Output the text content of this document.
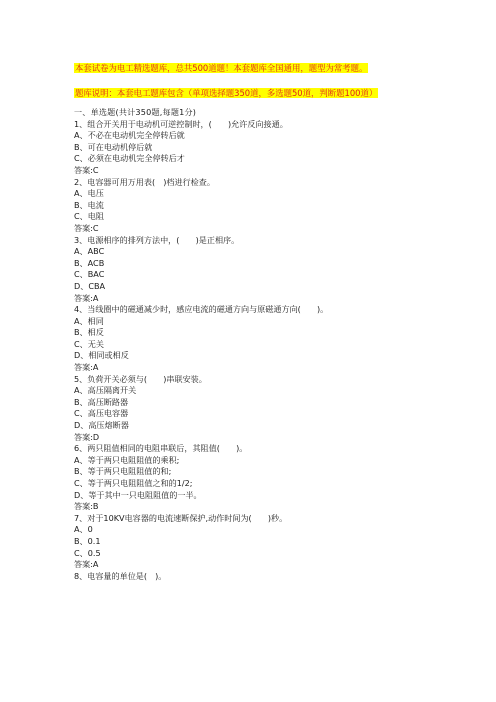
本套试卷为电工精选题库，总共500道题！本套题库全国通用，题型为常考题。
题库说明：本套电工题库包含（单项选择题350道，多选题50道，判断题100道）
一、单选题(共计350题,每题1分)
1、组合开关用于电动机可逆控制时，(　　)允许反向接通。
A、不必在电动机完全停转后就
B、可在电动机停后就
C、必须在电动机完全停转后才
答案:C
2、电容器可用万用表(　)档进行检查。
A、电压
B、电流
C、电阻
答案:C
3、电源相序的排列方法中，(　　)是正相序。
A、ABC
B、ACB
C、BAC
D、CBA
答案:A
4、当线圈中的磁通减少时，感应电流的磁通方向与原磁通方向(　　)。
A、相同
B、相反
C、无关
D、相同或相反
答案:A
5、负荷开关必须与(　　)串联安装。
A、高压隔离开关
B、高压断路器
C、高压电容器
D、高压熔断器
答案:D
6、两只阻值相同的电阻串联后，其阻值(　　)。
A、等于两只电阻阻值的乘积;
B、等于两只电阻阻值的和;
C、等于两只电阻阻值之和的1/2;
D、等于其中一只电阻阻值的一半。
答案:B
7、对于10KV电容器的电流速断保护,动作时间为(　　)秒。
A、0
B、0.1
C、0.5
答案:A
8、电容量的单位是(　)。
